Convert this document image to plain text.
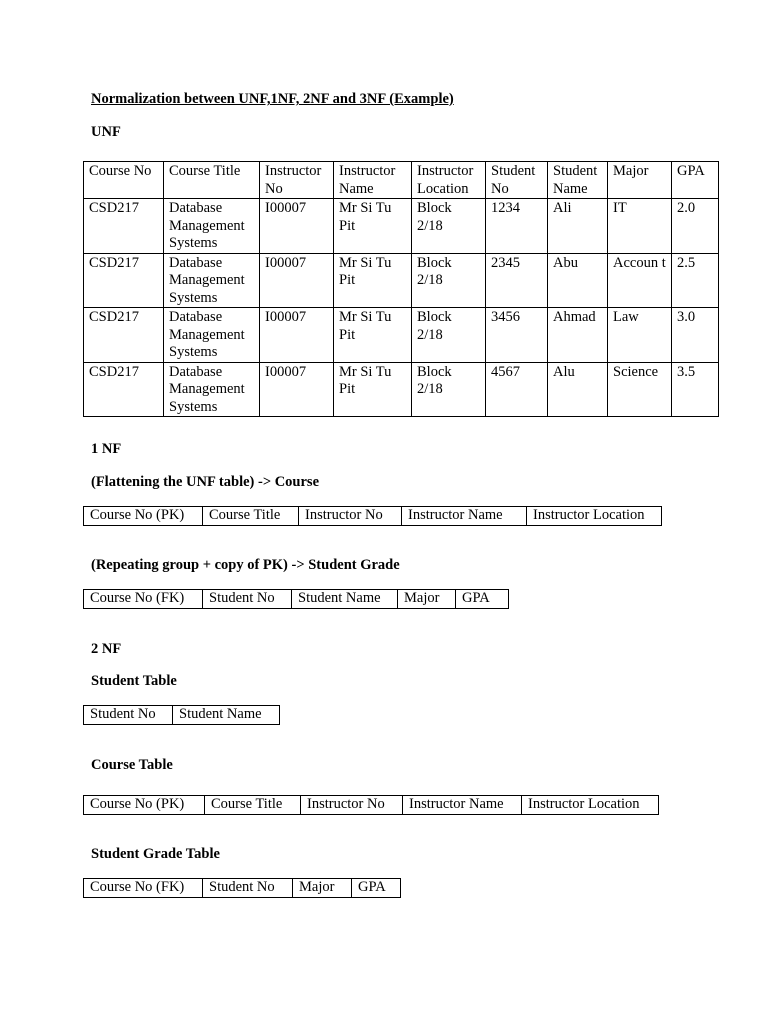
Normalization between UNF,1NF, 2NF and 3NF (Example)
UNF
Course No	Course Title	Instructor No	Instructor Name	Instructor Location	Student No	Student Name	Major	GPA
CSD217	Database Management Systems	I00007	Mr Si Tu Pit	Block 2/18	1234	Ali	IT	2.0
CSD217	Database Management Systems	I00007	Mr Si Tu Pit	Block 2/18	2345	Abu	Accoun t	2.5
CSD217	Database Management Systems	I00007	Mr Si Tu Pit	Block 2/18	3456	Ahmad	Law	3.0
CSD217	Database Management Systems	I00007	Mr Si Tu Pit	Block 2/18	4567	Alu	Science	3.5
1 NF
(Flattening the UNF table) -> Course
Course No (PK)	Course Title	Instructor No	Instructor Name	Instructor Location
(Repeating group + copy of PK) -> Student Grade
Course No (FK)	Student No	Student Name	Major	GPA
2 NF
Student Table
Student No	Student Name
Course Table
Course No (PK)	Course Title	Instructor No	Instructor Name	Instructor Location
Student Grade Table
Course No (FK)	Student No	Major	GPA
